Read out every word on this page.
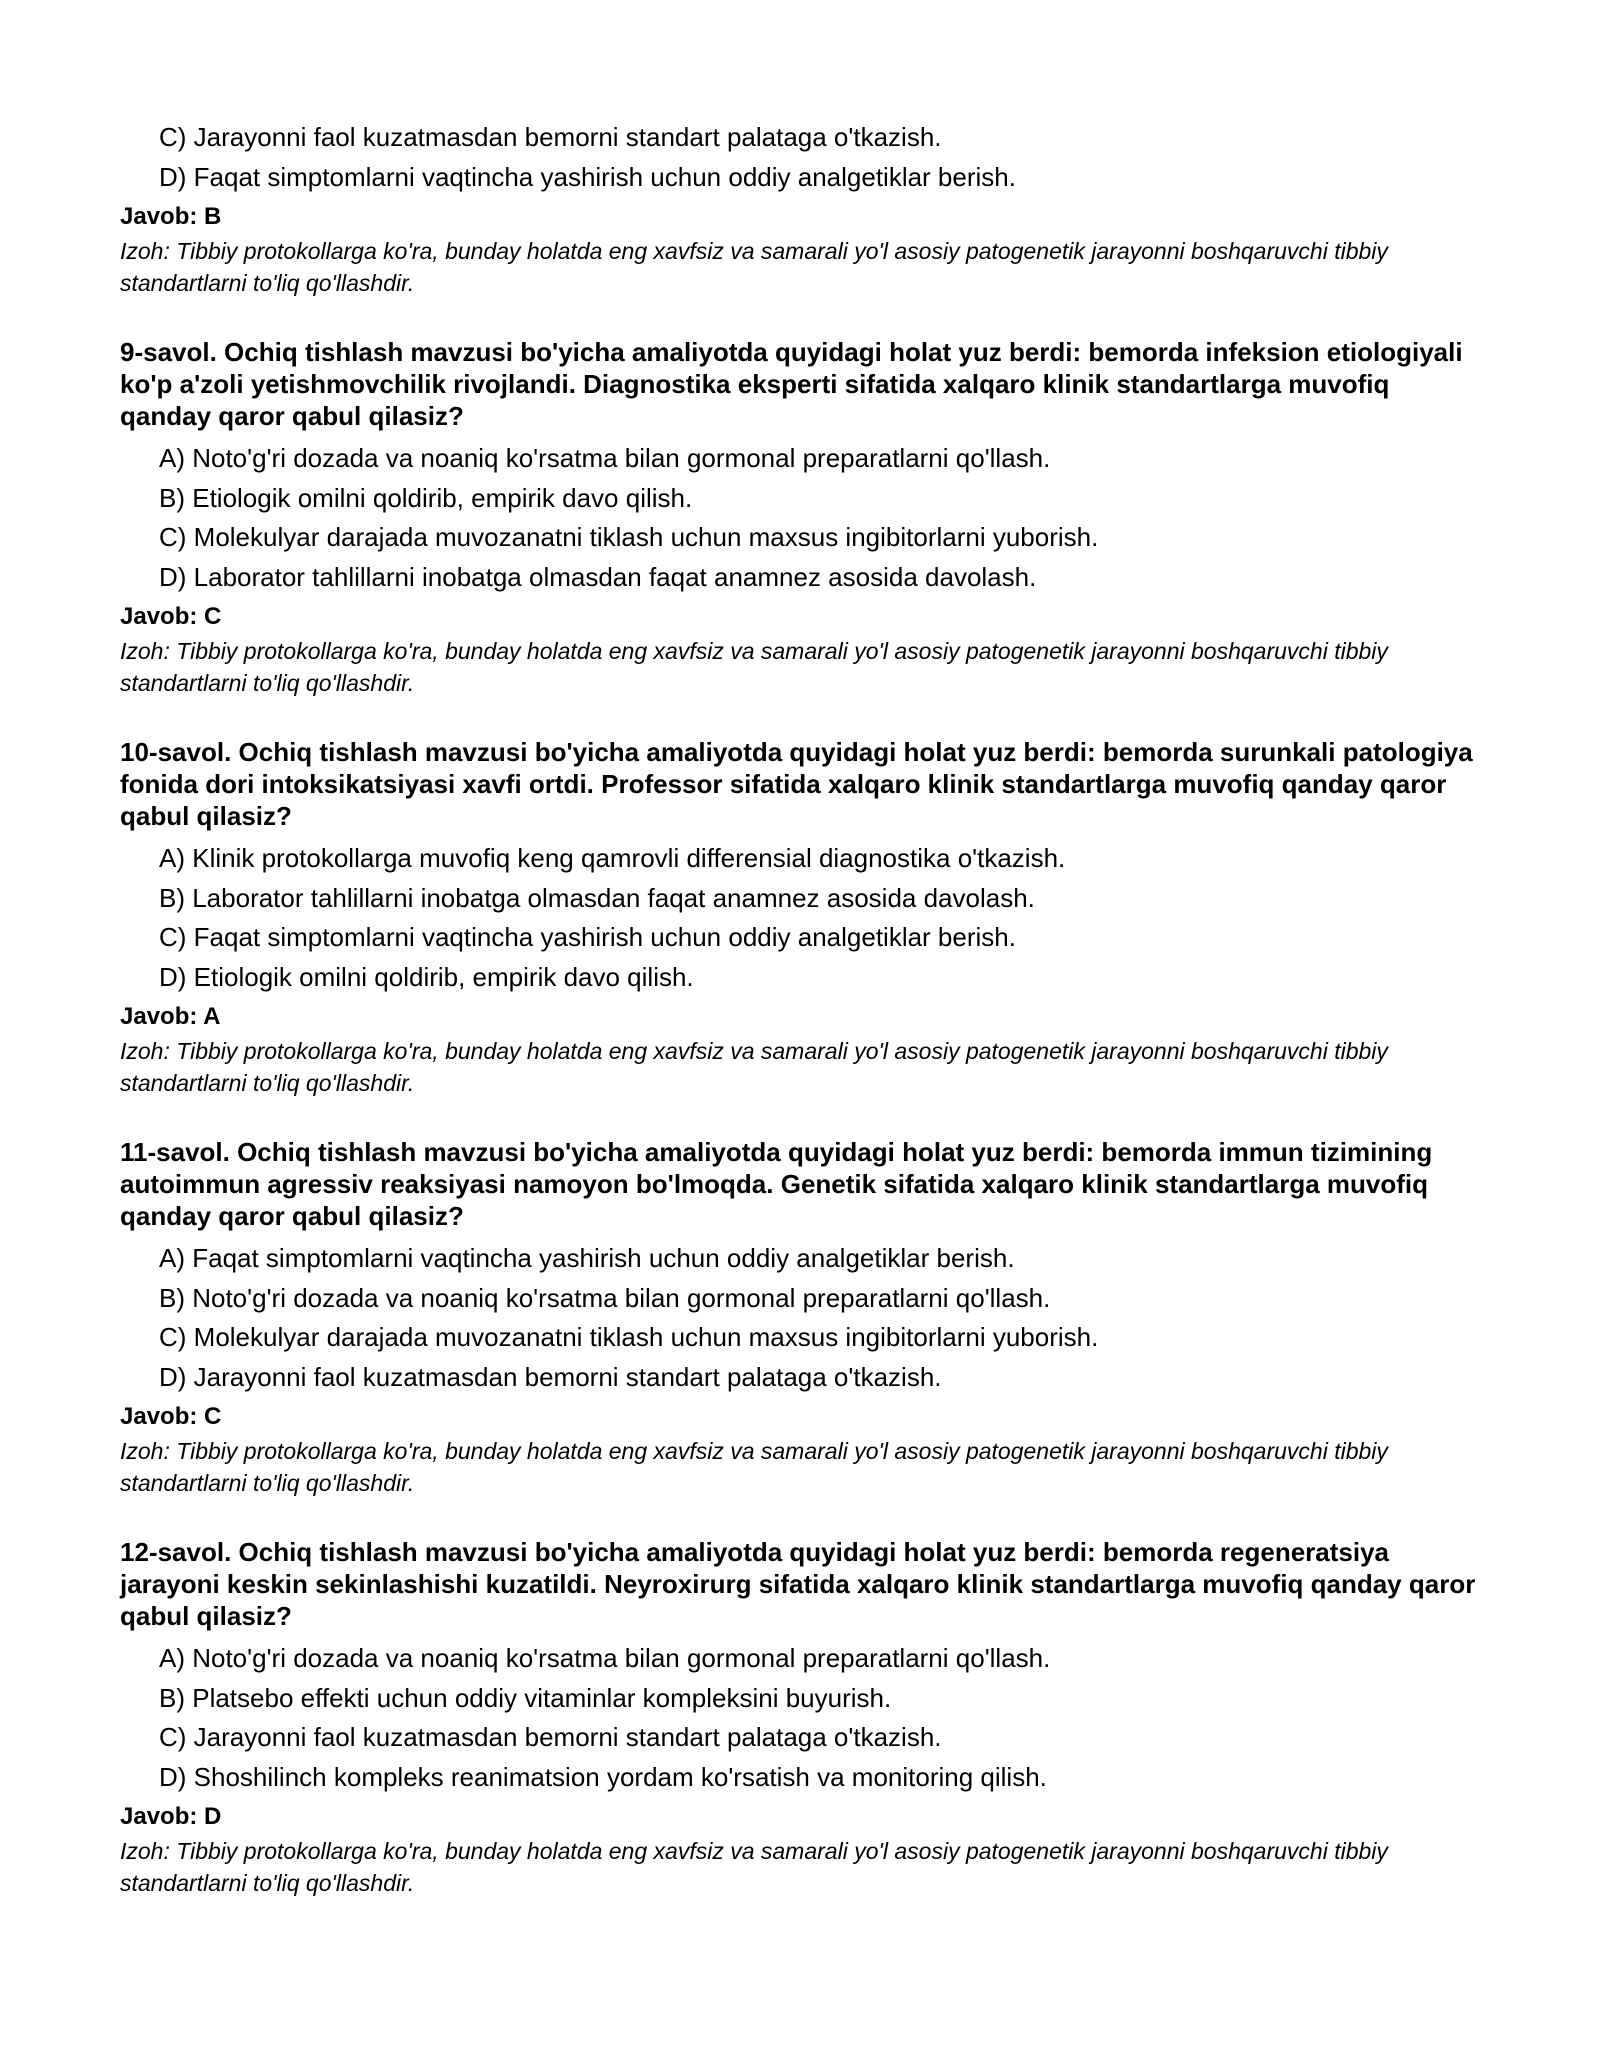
C) Jarayonni faol kuzatmasdan bemorni standart palataga o'tkazish.
D) Faqat simptomlarni vaqtincha yashirish uchun oddiy analgetiklar berish.
Javob: B
Izoh: Tibbiy protokollarga ko'ra, bunday holatda eng xavfsiz va samarali yo'l asosiy patogenetik jarayonni boshqaruvchi tibbiy standartlarni to'liq qo'llashdir.
9-savol. Ochiq tishlash mavzusi bo'yicha amaliyotda quyidagi holat yuz berdi: bemorda infeksion etiologiyali ko'p a'zoli yetishmovchilik rivojlandi. Diagnostika eksperti sifatida xalqaro klinik standartlarga muvofiq qanday qaror qabul qilasiz?
A) Noto'g'ri dozada va noaniq ko'rsatma bilan gormonal preparatlarni qo'llash.
B) Etiologik omilni qoldirib, empirik davo qilish.
C) Molekulyar darajada muvozanatni tiklash uchun maxsus ingibitorlarni yuborish.
D) Laborator tahlillarni inobatga olmasdan faqat anamnez asosida davolash.
Javob: C
Izoh: Tibbiy protokollarga ko'ra, bunday holatda eng xavfsiz va samarali yo'l asosiy patogenetik jarayonni boshqaruvchi tibbiy standartlarni to'liq qo'llashdir.
10-savol. Ochiq tishlash mavzusi bo'yicha amaliyotda quyidagi holat yuz berdi: bemorda surunkali patologiya fonida dori intoksikatsiyasi xavfi ortdi. Professor sifatida xalqaro klinik standartlarga muvofiq qanday qaror qabul qilasiz?
A) Klinik protokollarga muvofiq keng qamrovli differensial diagnostika o'tkazish.
B) Laborator tahlillarni inobatga olmasdan faqat anamnez asosida davolash.
C) Faqat simptomlarni vaqtincha yashirish uchun oddiy analgetiklar berish.
D) Etiologik omilni qoldirib, empirik davo qilish.
Javob: A
Izoh: Tibbiy protokollarga ko'ra, bunday holatda eng xavfsiz va samarali yo'l asosiy patogenetik jarayonni boshqaruvchi tibbiy standartlarni to'liq qo'llashdir.
11-savol. Ochiq tishlash mavzusi bo'yicha amaliyotda quyidagi holat yuz berdi: bemorda immun tizimining autoimmun agressiv reaksiyasi namoyon bo'lmoqda. Genetik sifatida xalqaro klinik standartlarga muvofiq qanday qaror qabul qilasiz?
A) Faqat simptomlarni vaqtincha yashirish uchun oddiy analgetiklar berish.
B) Noto'g'ri dozada va noaniq ko'rsatma bilan gormonal preparatlarni qo'llash.
C) Molekulyar darajada muvozanatni tiklash uchun maxsus ingibitorlarni yuborish.
D) Jarayonni faol kuzatmasdan bemorni standart palataga o'tkazish.
Javob: C
Izoh: Tibbiy protokollarga ko'ra, bunday holatda eng xavfsiz va samarali yo'l asosiy patogenetik jarayonni boshqaruvchi tibbiy standartlarni to'liq qo'llashdir.
12-savol. Ochiq tishlash mavzusi bo'yicha amaliyotda quyidagi holat yuz berdi: bemorda regeneratsiya jarayoni keskin sekinlashishi kuzatildi. Neyroxirurg sifatida xalqaro klinik standartlarga muvofiq qanday qaror qabul qilasiz?
A) Noto'g'ri dozada va noaniq ko'rsatma bilan gormonal preparatlarni qo'llash.
B) Platsebo effekti uchun oddiy vitaminlar kompleksini buyurish.
C) Jarayonni faol kuzatmasdan bemorni standart palataga o'tkazish.
D) Shoshilinch kompleks reanimatsion yordam ko'rsatish va monitoring qilish.
Javob: D
Izoh: Tibbiy protokollarga ko'ra, bunday holatda eng xavfsiz va samarali yo'l asosiy patogenetik jarayonni boshqaruvchi tibbiy standartlarni to'liq qo'llashdir.
